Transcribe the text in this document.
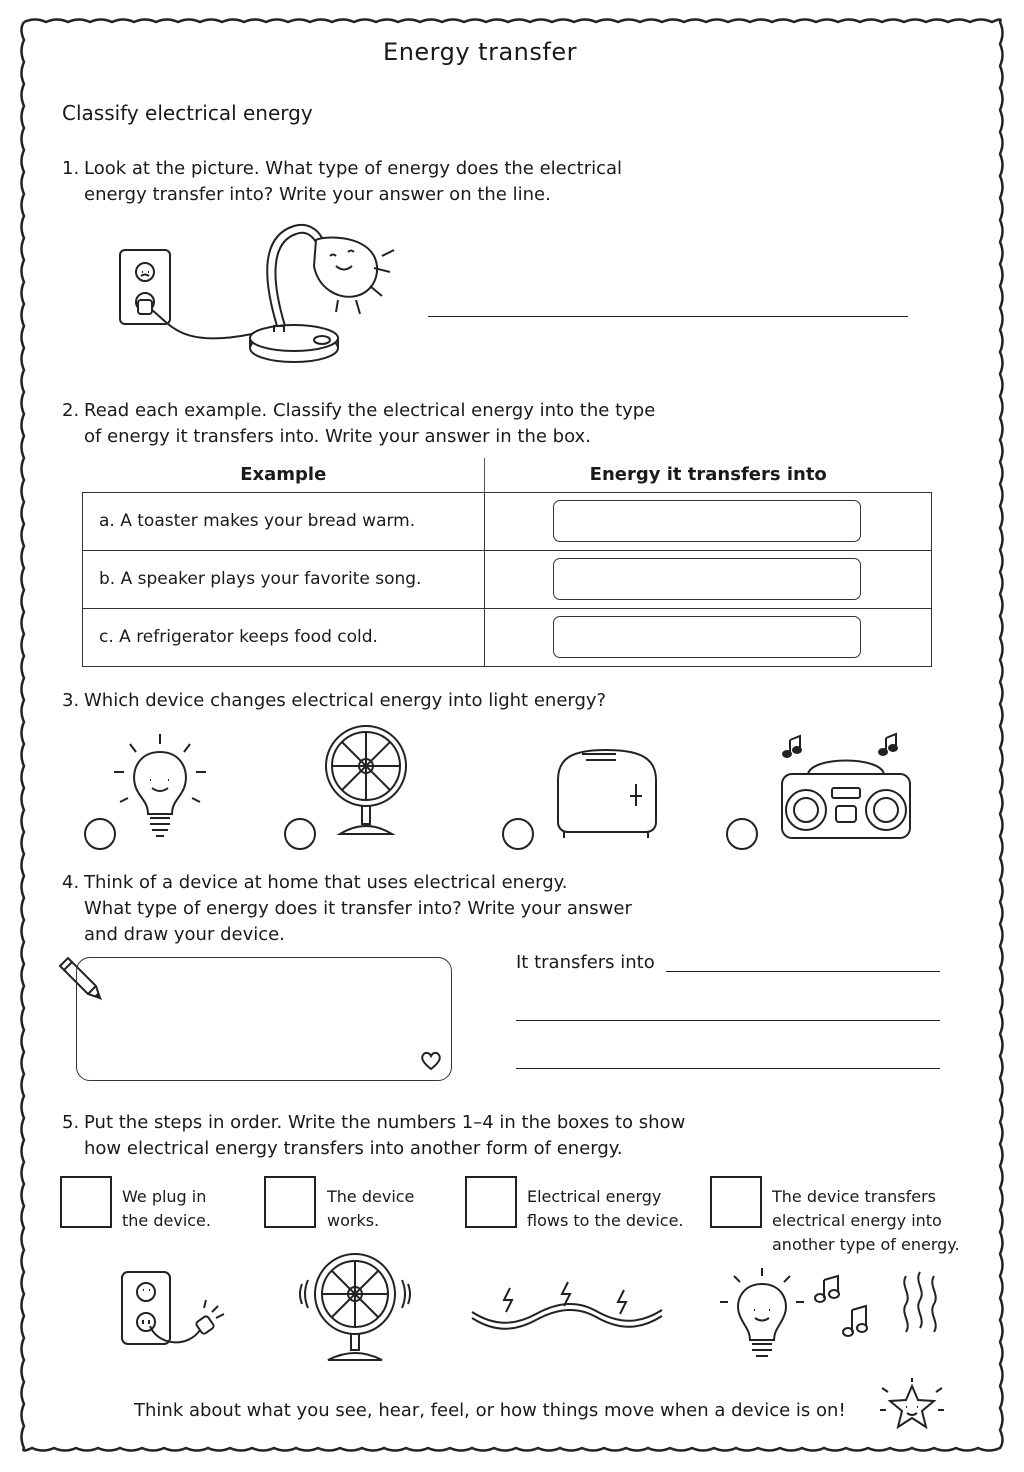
Energy transfer
Classify electrical energy
1. Look at the picture. What type of energy does the electrical
energy transfer into? Write your answer on the line.
2. Read each example. Classify the electrical energy into the type
of energy it transfers into. Write your answer in the box.
Example	Energy it transfers into
a. A toaster makes your bread warm.	

b. A speaker plays your favorite song.	

c. A refrigerator keeps food cold.	
3. Which device changes electrical energy into light energy?
4. Think of a device at home that uses electrical energy.
What type of energy does it transfer into? Write your answer
and draw your device.
It transfers into
5. Put the steps in order. Write the numbers 1–4 in the boxes to show
how electrical energy transfers into another form of energy.
We plug in
the device.
The device
works.
Electrical energy
flows to the device.
The device transfers
electrical energy into
another type of energy.
Think about what you see, hear, feel, or how things move when a device is on!
